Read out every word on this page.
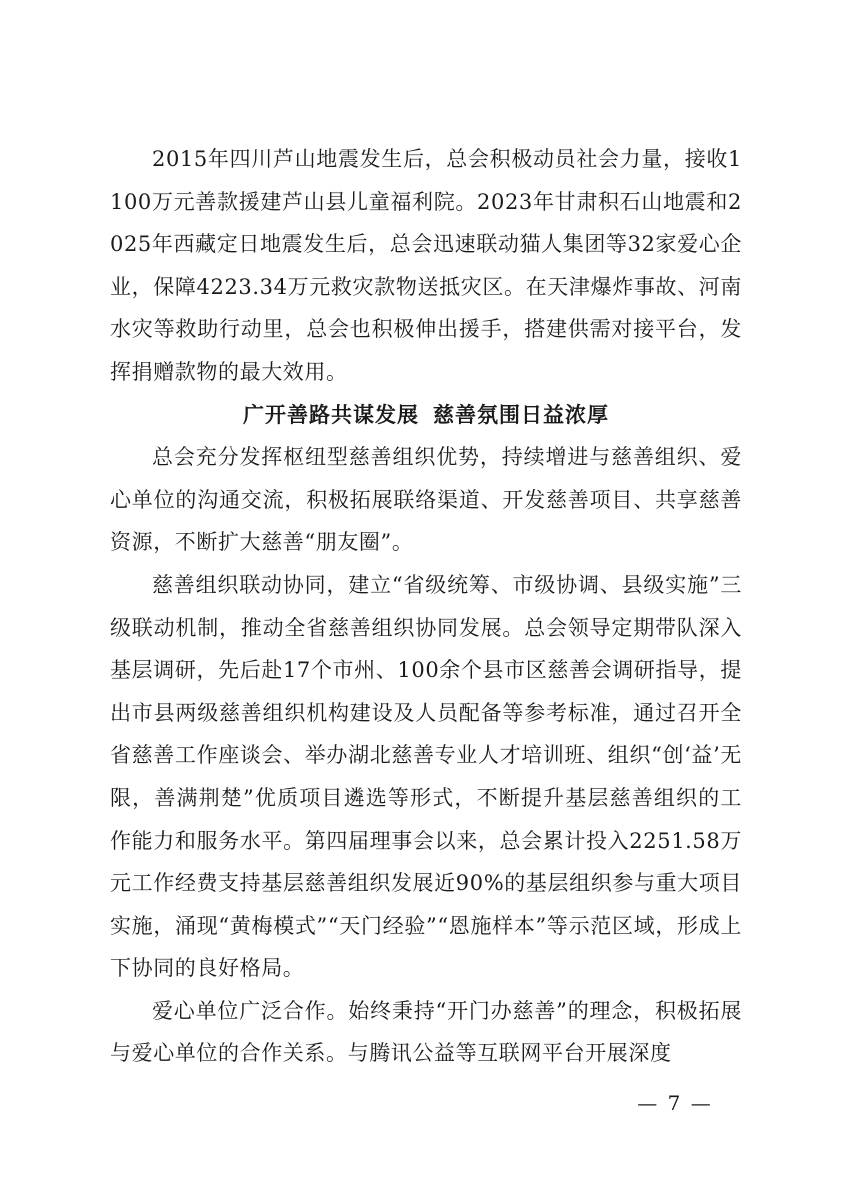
2015年四川芦山地震发生后，总会积极动员社会力量，接收1100万元善款援建芦山县儿童福利院。2023年甘肃积石山地震和2025年西藏定日地震发生后，总会迅速联动猫人集团等32家爱心企业，保障4223.34万元救灾款物送抵灾区。在天津爆炸事故、河南水灾等救助行动里，总会也积极伸出援手，搭建供需对接平台，发挥捐赠款物的最大效用。

广开善路共谋发展 慈善氛围日益浓厚

总会充分发挥枢纽型慈善组织优势，持续增进与慈善组织、爱心单位的沟通交流，积极拓展联络渠道、开发慈善项目、共享慈善资源，不断扩大慈善“朋友圈”。

慈善组织联动协同，建立“省级统筹、市级协调、县级实施”三级联动机制，推动全省慈善组织协同发展。总会领导定期带队深入基层调研，先后赴17个市州、100余个县市区慈善会调研指导，提出市县两级慈善组织机构建设及人员配备等参考标准，通过召开全省慈善工作座谈会、举办湖北慈善专业人才培训班、组织“创‘益’无限，善满荆楚”优质项目遴选等形式，不断提升基层慈善组织的工作能力和服务水平。第四届理事会以来，总会累计投入2251.58万元工作经费支持基层慈善组织发展近90%的基层组织参与重大项目实施，涌现“黄梅模式”“天门经验”“恩施样本”等示范区域，形成上下协同的良好格局。

爱心单位广泛合作。始终秉持“开门办慈善”的理念，积极拓展与爱心单位的合作关系。与腾讯公益等互联网平台开展深度

— 7 —
